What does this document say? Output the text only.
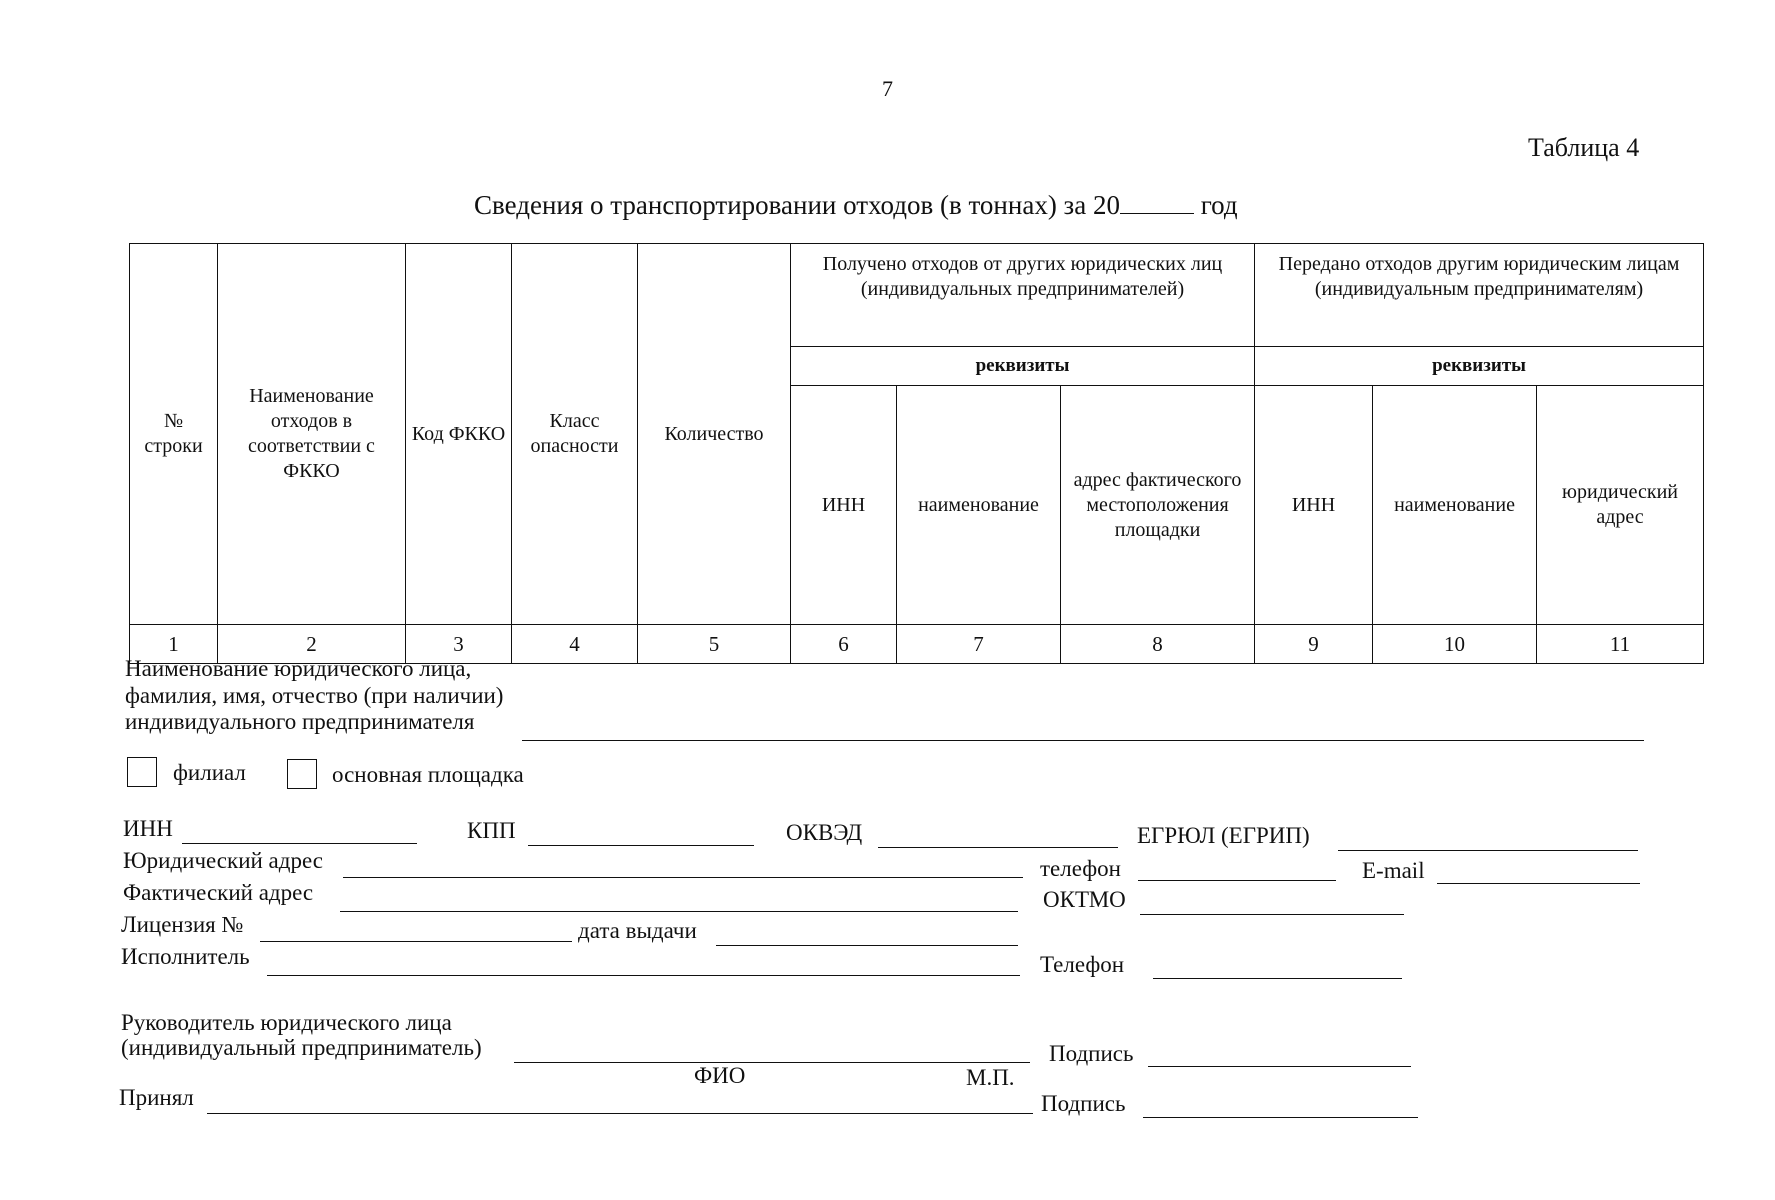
7
Таблица 4
Сведения о транспортировании отходов (в тоннах) за 20	год
№ строки	Наименование отходов в соответствии с ФККО	Код ФККО	Класс опасности	Количество	Получено отходов от других юридических лиц (индивидуальных предпринимателей)			Передано отходов другим юридическим лицам (индивидуальным предпринимателям)		
					реквизиты			реквизиты		
					ИНН	наименование	адрес фактического местоположения площадки	ИНН	наименование	юридический адрес
1	2	3	4	5	6	7	8	9	10	11
Наименование юридического лица,
фамилия, имя, отчество (при наличии)
индивидуального предпринимателя
филиал	основная площадка
ИНН	КПП	ОКВЭД	ЕГРЮЛ (ЕГРИП)
Юридический адрес	телефон	E-mail
Фактический адрес	ОКТМО
Лицензия №	дата выдачи
Исполнитель	Телефон
Руководитель юридического лица
(индивидуальный предприниматель)	Подпись
ФИО	М.П.
Принял	Подпись
